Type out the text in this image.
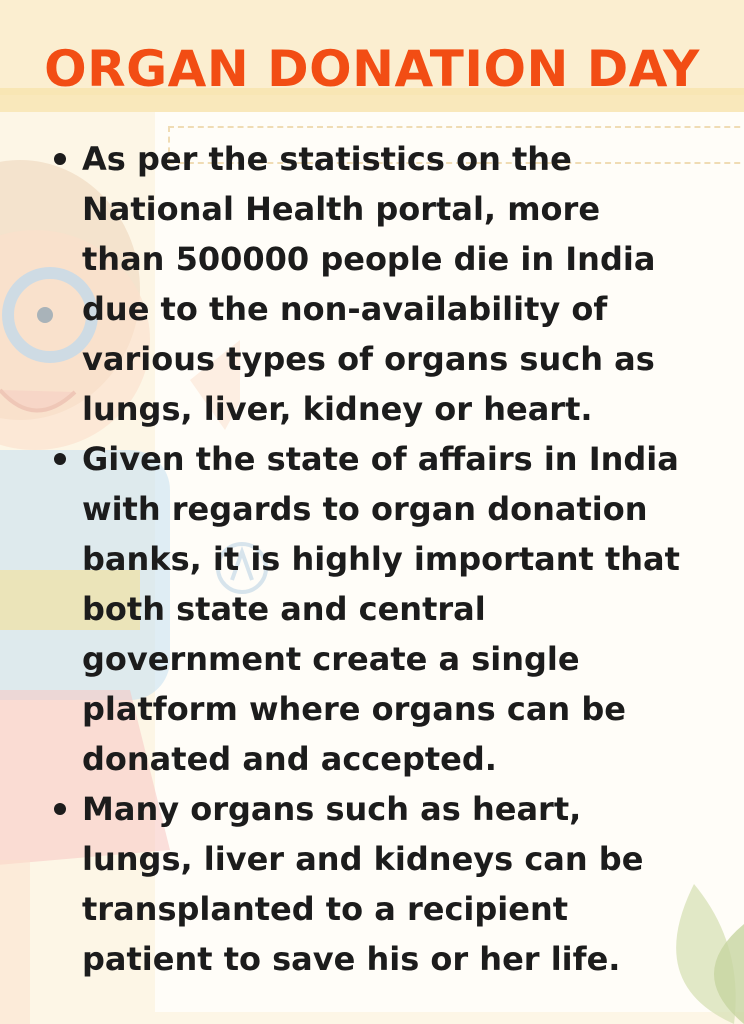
ORGAN DONATION DAY
As per the statistics on the
National Health portal, more
than 500000 people die in India
due to the non-availability of
various types of organs such as
lungs, liver, kidney or heart.
Given the state of affairs in India
with regards to organ donation
banks, it is highly important that
both state and central
government create a single
platform where organs can be
donated and accepted.
Many organs such as heart,
lungs, liver and kidneys can be
transplanted to a recipient
patient to save his or her life.
